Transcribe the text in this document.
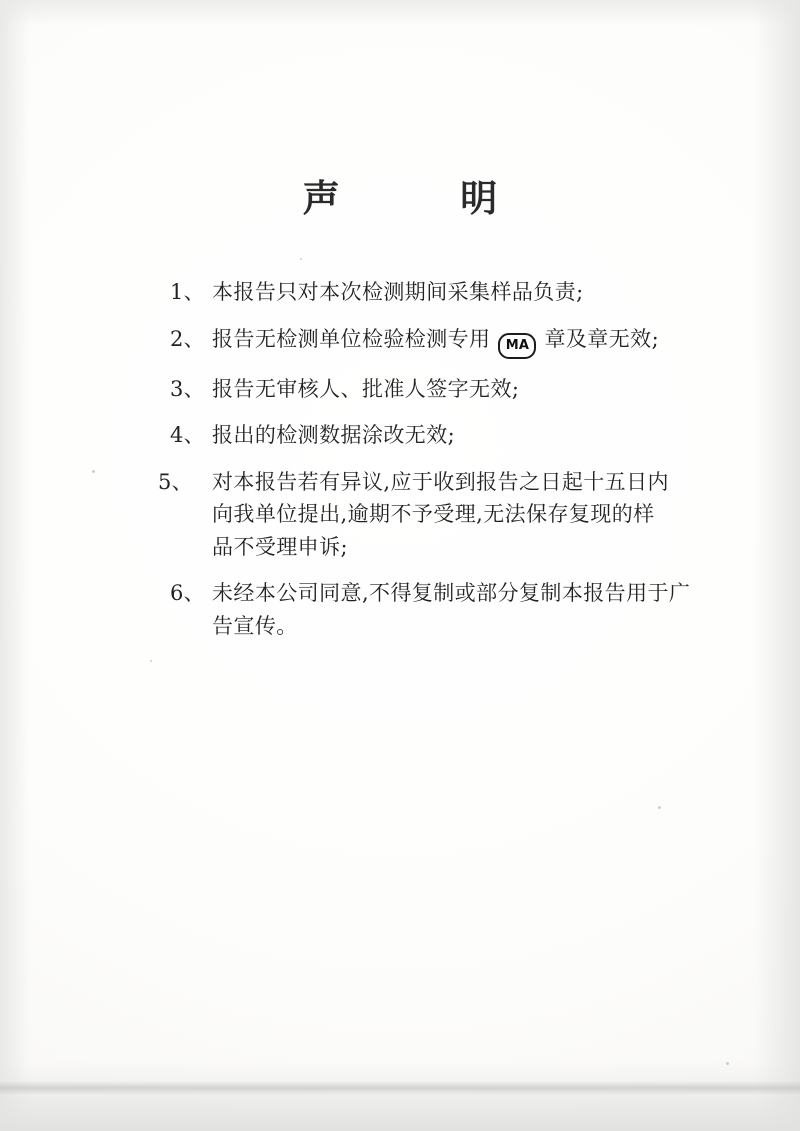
声　　明
1、 本报告只对本次检测期间采集样品负责;
2、 报告无检测单位检验检测专用 MA 章及章无效;
3、 报告无审核人、批准人签字无效;
4、 报出的检测数据涂改无效;
5、 对本报告若有异议,应于收到报告之日起十五日内
向我单位提出,逾期不予受理,无法保存复现的样
品不受理申诉;
6、 未经本公司同意,不得复制或部分复制本报告用于广
告宣传。
